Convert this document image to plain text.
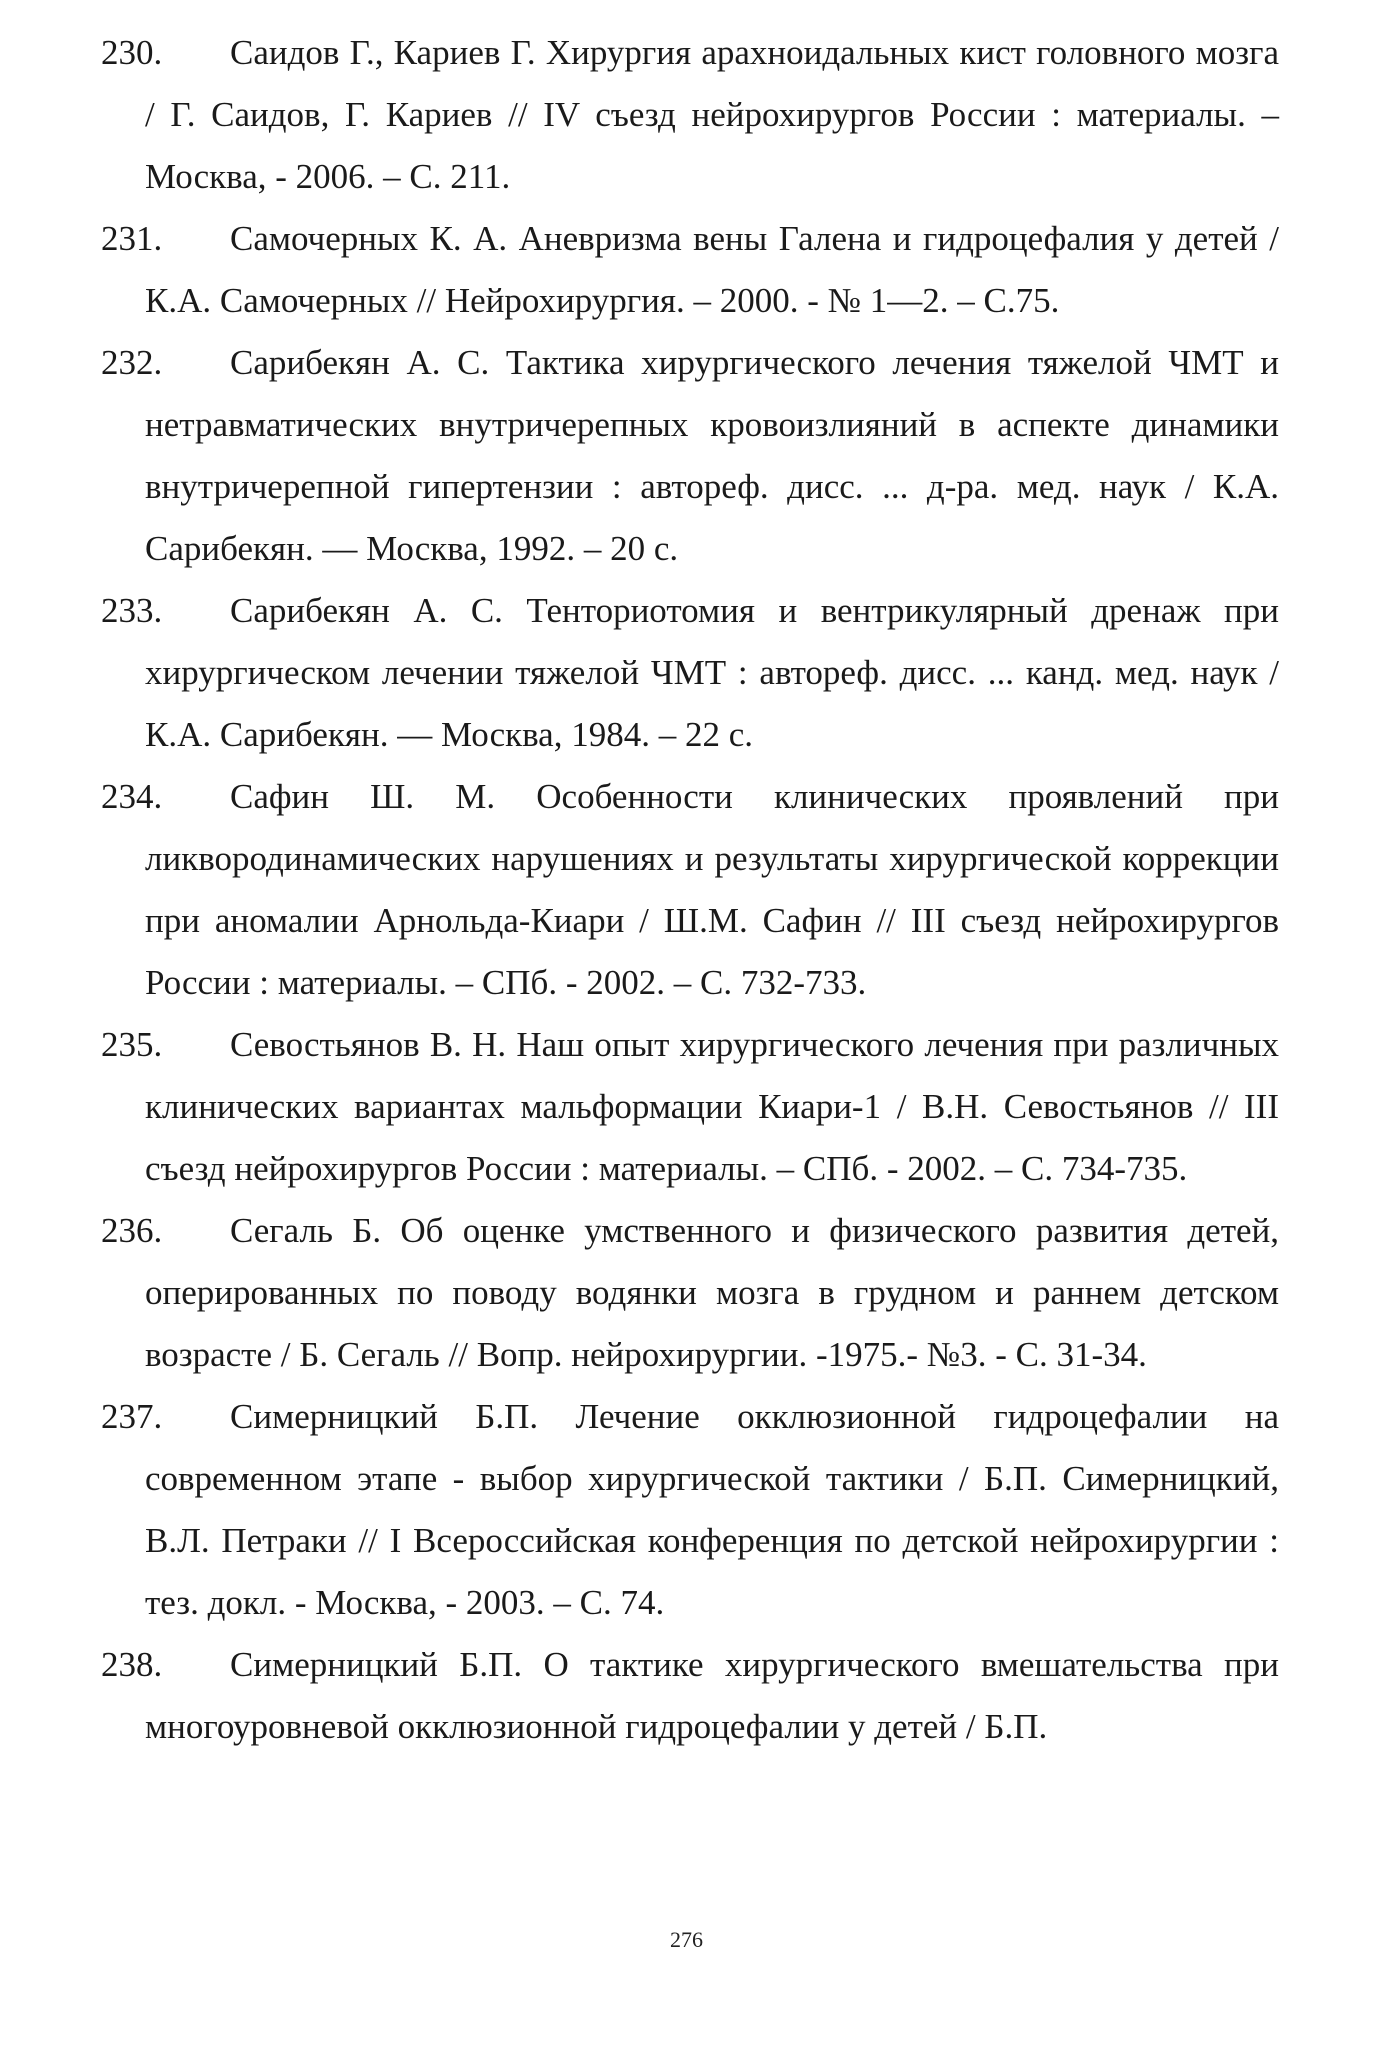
230. Саидов Г., Кариев Г. Хирургия арахноидальных кист головного мозга / Г. Саидов, Г. Кариев // IV съезд нейрохирургов России : материалы. – Москва, - 2006. – С. 211.
231. Самочерных К. А. Аневризма вены Галена и гидроцефалия у детей / К.А. Самочерных // Нейрохирургия. – 2000. - № 1—2. – С.75.
232. Сарибекян А. С. Тактика хирургического лечения тяжелой ЧМТ и нетравматических внутричерепных кровоизлияний в аспекте динамики внутричерепной гипертензии : автореф. дисс. ... д-ра. мед. наук / К.А. Сарибекян. — Москва, 1992. – 20 с.
233. Сарибекян А. С. Тенториотомия и вентрикулярный дренаж при хирургическом лечении тяжелой ЧМТ : автореф. дисс. ... канд. мед. наук / К.А. Сарибекян. — Москва, 1984. – 22 с.
234. Сафин Ш. М. Особенности клинических проявлений при ликвородинамических нарушениях и результаты хирургической коррекции при аномалии Арнольда-Киари / Ш.М. Сафин // III съезд нейрохирургов России : материалы. – СПб. - 2002. – С. 732-733.
235. Севостьянов В. Н. Наш опыт хирургического лечения при различных клинических вариантах мальформации Киари-1 / В.Н. Севостьянов // III съезд нейрохирургов России : материалы. – СПб. - 2002. – С. 734-735.
236. Сегаль Б. Об оценке умственного и физического развития детей, оперированных по поводу водянки мозга в грудном и раннем детском возрасте / Б. Сегаль // Вопр. нейрохирургии. -1975.- №3. - С. 31-34.
237. Симерницкий Б.П. Лечение окклюзионной гидроцефалии на современном этапе - выбор хирургической тактики / Б.П. Симерницкий, В.Л. Петраки // I Всероссийская конференция по детской нейрохирургии : тез. докл. - Москва, - 2003. – С. 74.
238. Симерницкий Б.П. О тактике хирургического вмешательства при многоуровневой окклюзионной гидроцефалии у детей / Б.П.
276
